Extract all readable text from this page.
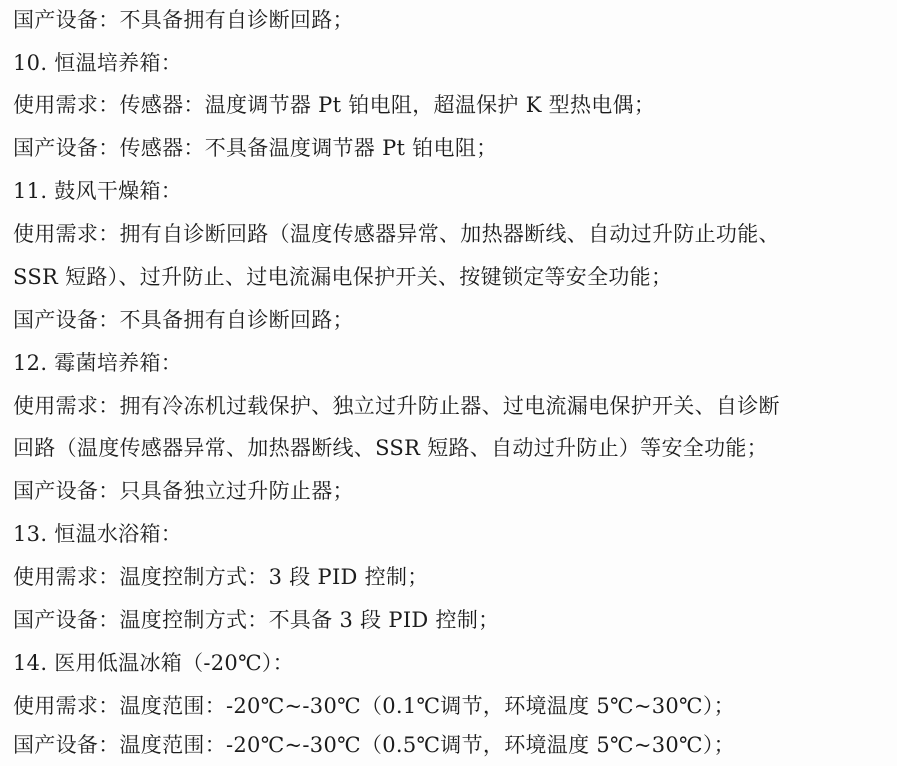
国产设备：不具备拥有自诊断回路；
10. 恒温培养箱：
使用需求：传感器：温度调节器 Pt 铂电阻，超温保护 K 型热电偶；
国产设备：传感器：不具备温度调节器 Pt 铂电阻；
11. 鼓风干燥箱：
使用需求：拥有自诊断回路（温度传感器异常、加热器断线、自动过升防止功能、
SSR 短路）、过升防止、过电流漏电保护开关、按键锁定等安全功能；
国产设备：不具备拥有自诊断回路；
12. 霉菌培养箱：
使用需求：拥有冷冻机过载保护、独立过升防止器、过电流漏电保护开关、自诊断
回路（温度传感器异常、加热器断线、SSR 短路、自动过升防止）等安全功能；
国产设备：只具备独立过升防止器；
13. 恒温水浴箱：
使用需求：温度控制方式：3 段 PID 控制；
国产设备：温度控制方式：不具备 3 段 PID 控制；
14. 医用低温冰箱（-20℃）：
使用需求：温度范围：-20℃~-30℃（0.1℃调节，环境温度 5℃~30℃）；
国产设备：温度范围：-20℃~-30℃（0.5℃调节，环境温度 5℃~30℃）；
